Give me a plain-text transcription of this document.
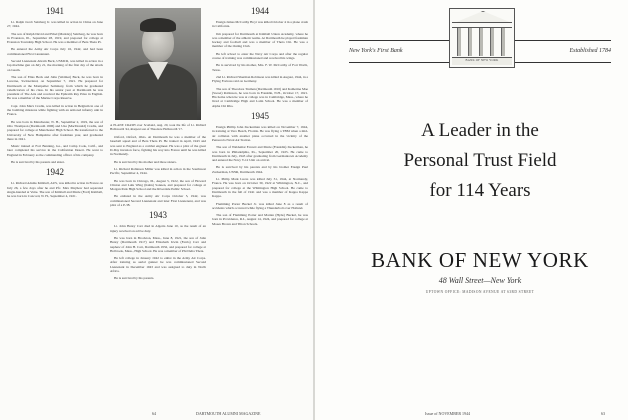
1941

Lt. Ralph Jacob Sulzberg Jr. was killed in action in China on June 27, 1944.

The son of Ralph David and Ethel (Markley) Sulzberg, he was born in Evanston, Ill., September 28, 1919, and prepared for college at Evanston Township High School. He was a member of Beta Theta Pi.

He entered the Army Air Corps July 16, 1942, and had been commissioned First Lieutenant.

Second Lieutenant Abram Beck, USMCR, was killed in action in a Jap machine gun on July 21, the morning of the first day of the attack on Guam.

The son of Elias Beck and Julia (Weimar) Beck, he was born in Lucerne, Switzerland, on September 7, 1921. He prepared for Dartmouth at the Montpelier Seminary, from which he graduated valedictorian of his class. In his senior year at Dartmouth he was president of The Arts and received the Ephraim Ray Prize in English. He was a member of the Marine Corps Reserve.

Capt. John Marx Cradle, was killed in action in Belgium in one of the bombing missions while fighting with an armored infantry unit in France.

He was born in Manchester, N. H., September 2, 1919, the son of Otto Thompson (Dartmouth 1906) and Una (MacDonald) Cradle, and prepared for college at Manchester High School. He transferred to the University of New Hampshire after freshman year, and graduated there in 1941.

Music trained at Fort Benning, Ga., and Camp Cook, Calif., and later completed his service in the Californian Desert. He went to England in February as the commanding officer of his company.

He is survived by his parents and sister.

1942

Lt. Richard Adams Kimball, AUS, was killed in action in France on July 26, a few days after he and Pfc. Max Mayhew had separated single-handed at Vaire. The son of Kimball and Marie (Ford) Kimball, he was born in Concord, N. H., September 4, 1921.

A PLANE CRASH over Scotland, Aug. 20, took the life of Lt. Richard Hallsworth '44, sharpest son of Theodore Hallsworth '17.

Oxford, Oxford, Ohio. At Dartmouth he was a member of the baseball squad and of Beta Theta Pi. He trained in April, 1943 and was sent to England as a combat engineer. He was a pilot of the great D-Day invasion force, fighting his way into France until he was killed in Normandy.

He is survived by his mother and three sisters.

Lt. Richard Robinson Miller was killed in action in the Southwest Pacific, September 4, 1944.

He was born in Chicago, Ill., August 5, 1922, the son of Howard Clinton and Lulu Wing (Kahn) Sonnen, and prepared for college at Morgan Park High School and the Riverdale Public School.

He enlisted in the Army Air Corps October 5, 1942, was commissioned Second Lieutenant and later First Lieutenant, and was pilot of a P-38.

1943

Lt. John Henry Carr died in Algeria June 10, as the result of an injury received on active duty.

He was born in Brockton, Mass., June 8, 1921, the son of John Henry (Dartmouth 1917) and Elizabeth Irwin (Farris) Carr and nephew of John H. Carr, Dartmouth 1932, and prepared for college at Holbrook, Mass., High School. He was a member of Phi Delta Theta.

He left college in January 1942 to enlist in the Army Air Corps. After training as aerial gunner he was commissioned Second Lieutenant in December 1943 and was assigned to duty in North Africa.

He is survived by his parents.

1944

Ensign James McCarthy Hoyt was killed October 4 in a plane crash in California.

Jim prepared for Dartmouth at Kimball Union Academy, where he was a member of the athletic teams. At Dartmouth he played freshman hockey and football and was a member of Theta Chi. He was a member of the Outing Club.

He left school to enter the Navy Air Corps and after the regular course of training was commissioned and received his wings.

He is survived by his mother, Mrs. F. W. McCarthy of Fort Worth, Texas.

2nd Lt. Richard Sherman Robinson was killed in August, 1944, in a Flying Fortress raid on Germany.

The son of Theodore Truman (Dartmouth 1910) and Katherine Mae (Sweet) Robinson, he was born in Franklin, N.H., October 17, 1921. His home when he was at college was in Cambridge, Mass., where he lived at Cambridge High and Latin School. He was a member of Alpha Chi Rho.

1945

Ensign Phillip John Zuckerman was killed on November 7, 1944, in training at Vero Beach, Florida. He was flying a TBM when a mid-air collision with another plane occurred in the vicinity of the Pensacola Naval Air Station.

The son of Waldemar Everett and Marie (Franklin) Zuckerman, he was born in Philadelphia, Pa., September 20, 1925. He came to Dartmouth in July, 1943 after graduating from Germantown Academy and entered the Navy V-12 Unit on arrival.

He is survived by his parents and by his brother Ensign Paul Zuckerman, USNR, Dartmouth 1944.

Lt. Philip Mark Lucas was killed July 31, 1944, at Normandy, France. He was born on October 30, 1922 at Wilmington, N.C., and prepared for college at the Wilmington High School. He came to Dartmouth in the fall of 1941 and was a member of Kappa Kappa Kappa.

Flemming Porter Buckel Jr. was killed June 8 as a result of accidents which occurred while flying a Thunderbolt over Holland.

The son of Flemming Porter and Marian (Hyde) Buckel, he was born in Providence, R.I., August 14, 1924, and prepared for college at Moses Brown and Tilton Schools.

64
New York's First Bank	Established 1784
BANK OF NEW YORK
A Leader in the
Personal Trust Field
for 114 Years
BANK OF NEW YORK
48 Wall Street—New York
UPTOWN OFFICE: MADISON AVENUE AT 63RD STREET
Issue of NOVEMBER 1944	63
DARTMOUTH ALUMNI MAGAZINE
